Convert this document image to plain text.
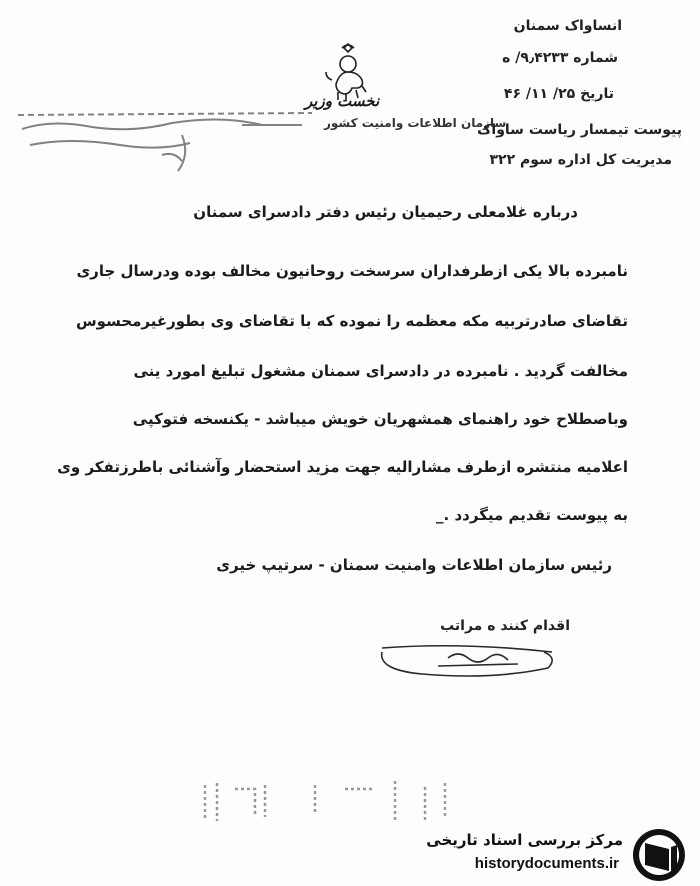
انساواک سمنان
شماره ۹٫۴۲۳۳/ ه
تاریخ ۲۵/ ۱۱/ ۴۶
پیوست تیمسار ریاست ساواک
مدیریت کل اداره سوم ۳۲۲
نخست وزیر
سازمان اطلاعات وامنیت کشور
درباره غلامعلی رحیمیان رئیس دفتر دادسرای سمنان
نامبرده بالا یکی ازطرفداران سرسخت روحانیون مخالف بوده ودرسال جاری
تقاضای صادرتربیه مکه معظمه را نموده که با تقاضای وی بطورغیرمحسوس
مخالفت گردید . نامبرده در دادسرای سمنان مشغول تبلیغ امورد ینی
وباصطلاح خود راهنمای همشهریان خویش میباشد - یکنسخه فتوکپی
اعلامیه منتشره ازطرف مشارالیه جهت مزید استحضار وآشنائی باطرزتفکر وی
به پیوست تقدیم میگردد ._
رئیس سازمان اطلاعات وامنیت سمنان - سرتیپ خیری
اقدام کنند ه مراتب
مرکز بررسی اسناد تاریخی
historydocuments.ir
